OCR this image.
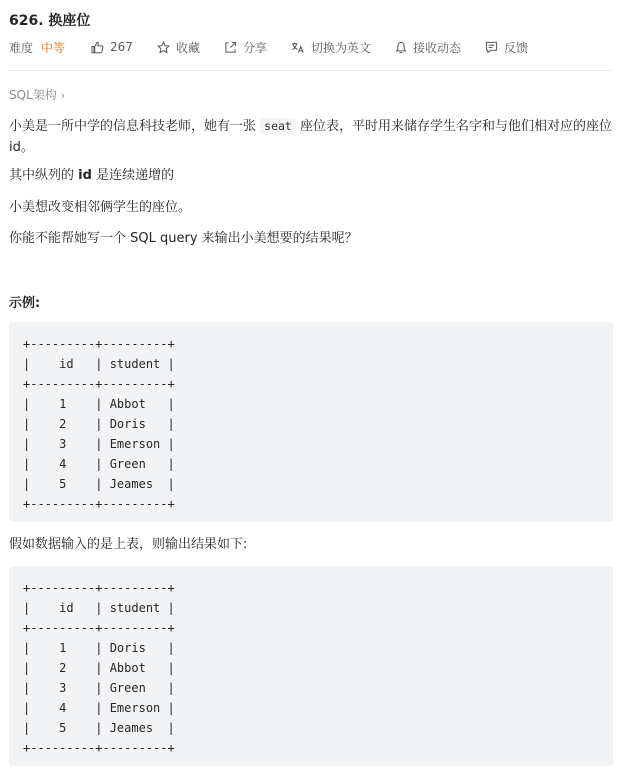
626. 换座位
难度 中等	267	收藏	分享	切换为英文	接收动态	反馈
SQL架构 ›
小美是一所中学的信息科技老师，她有一张 seat 座位表，平时用来储存学生名字和与他们相对应的座位id。
其中纵列的 id 是连续递增的
小美想改变相邻俩学生的座位。
你能不能帮她写一个 SQL query 来输出小美想要的结果呢？
示例:
+---------+---------+
|    id   | student |
+---------+---------+
|    1    | Abbot   |
|    2    | Doris   |
|    3    | Emerson |
|    4    | Green   |
|    5    | Jeames  |
+---------+---------+
假如数据输入的是上表，则输出结果如下:
+---------+---------+
|    id   | student |
+---------+---------+
|    1    | Doris   |
|    2    | Abbot   |
|    3    | Green   |
|    4    | Emerson |
|    5    | Jeames  |
+---------+---------+
